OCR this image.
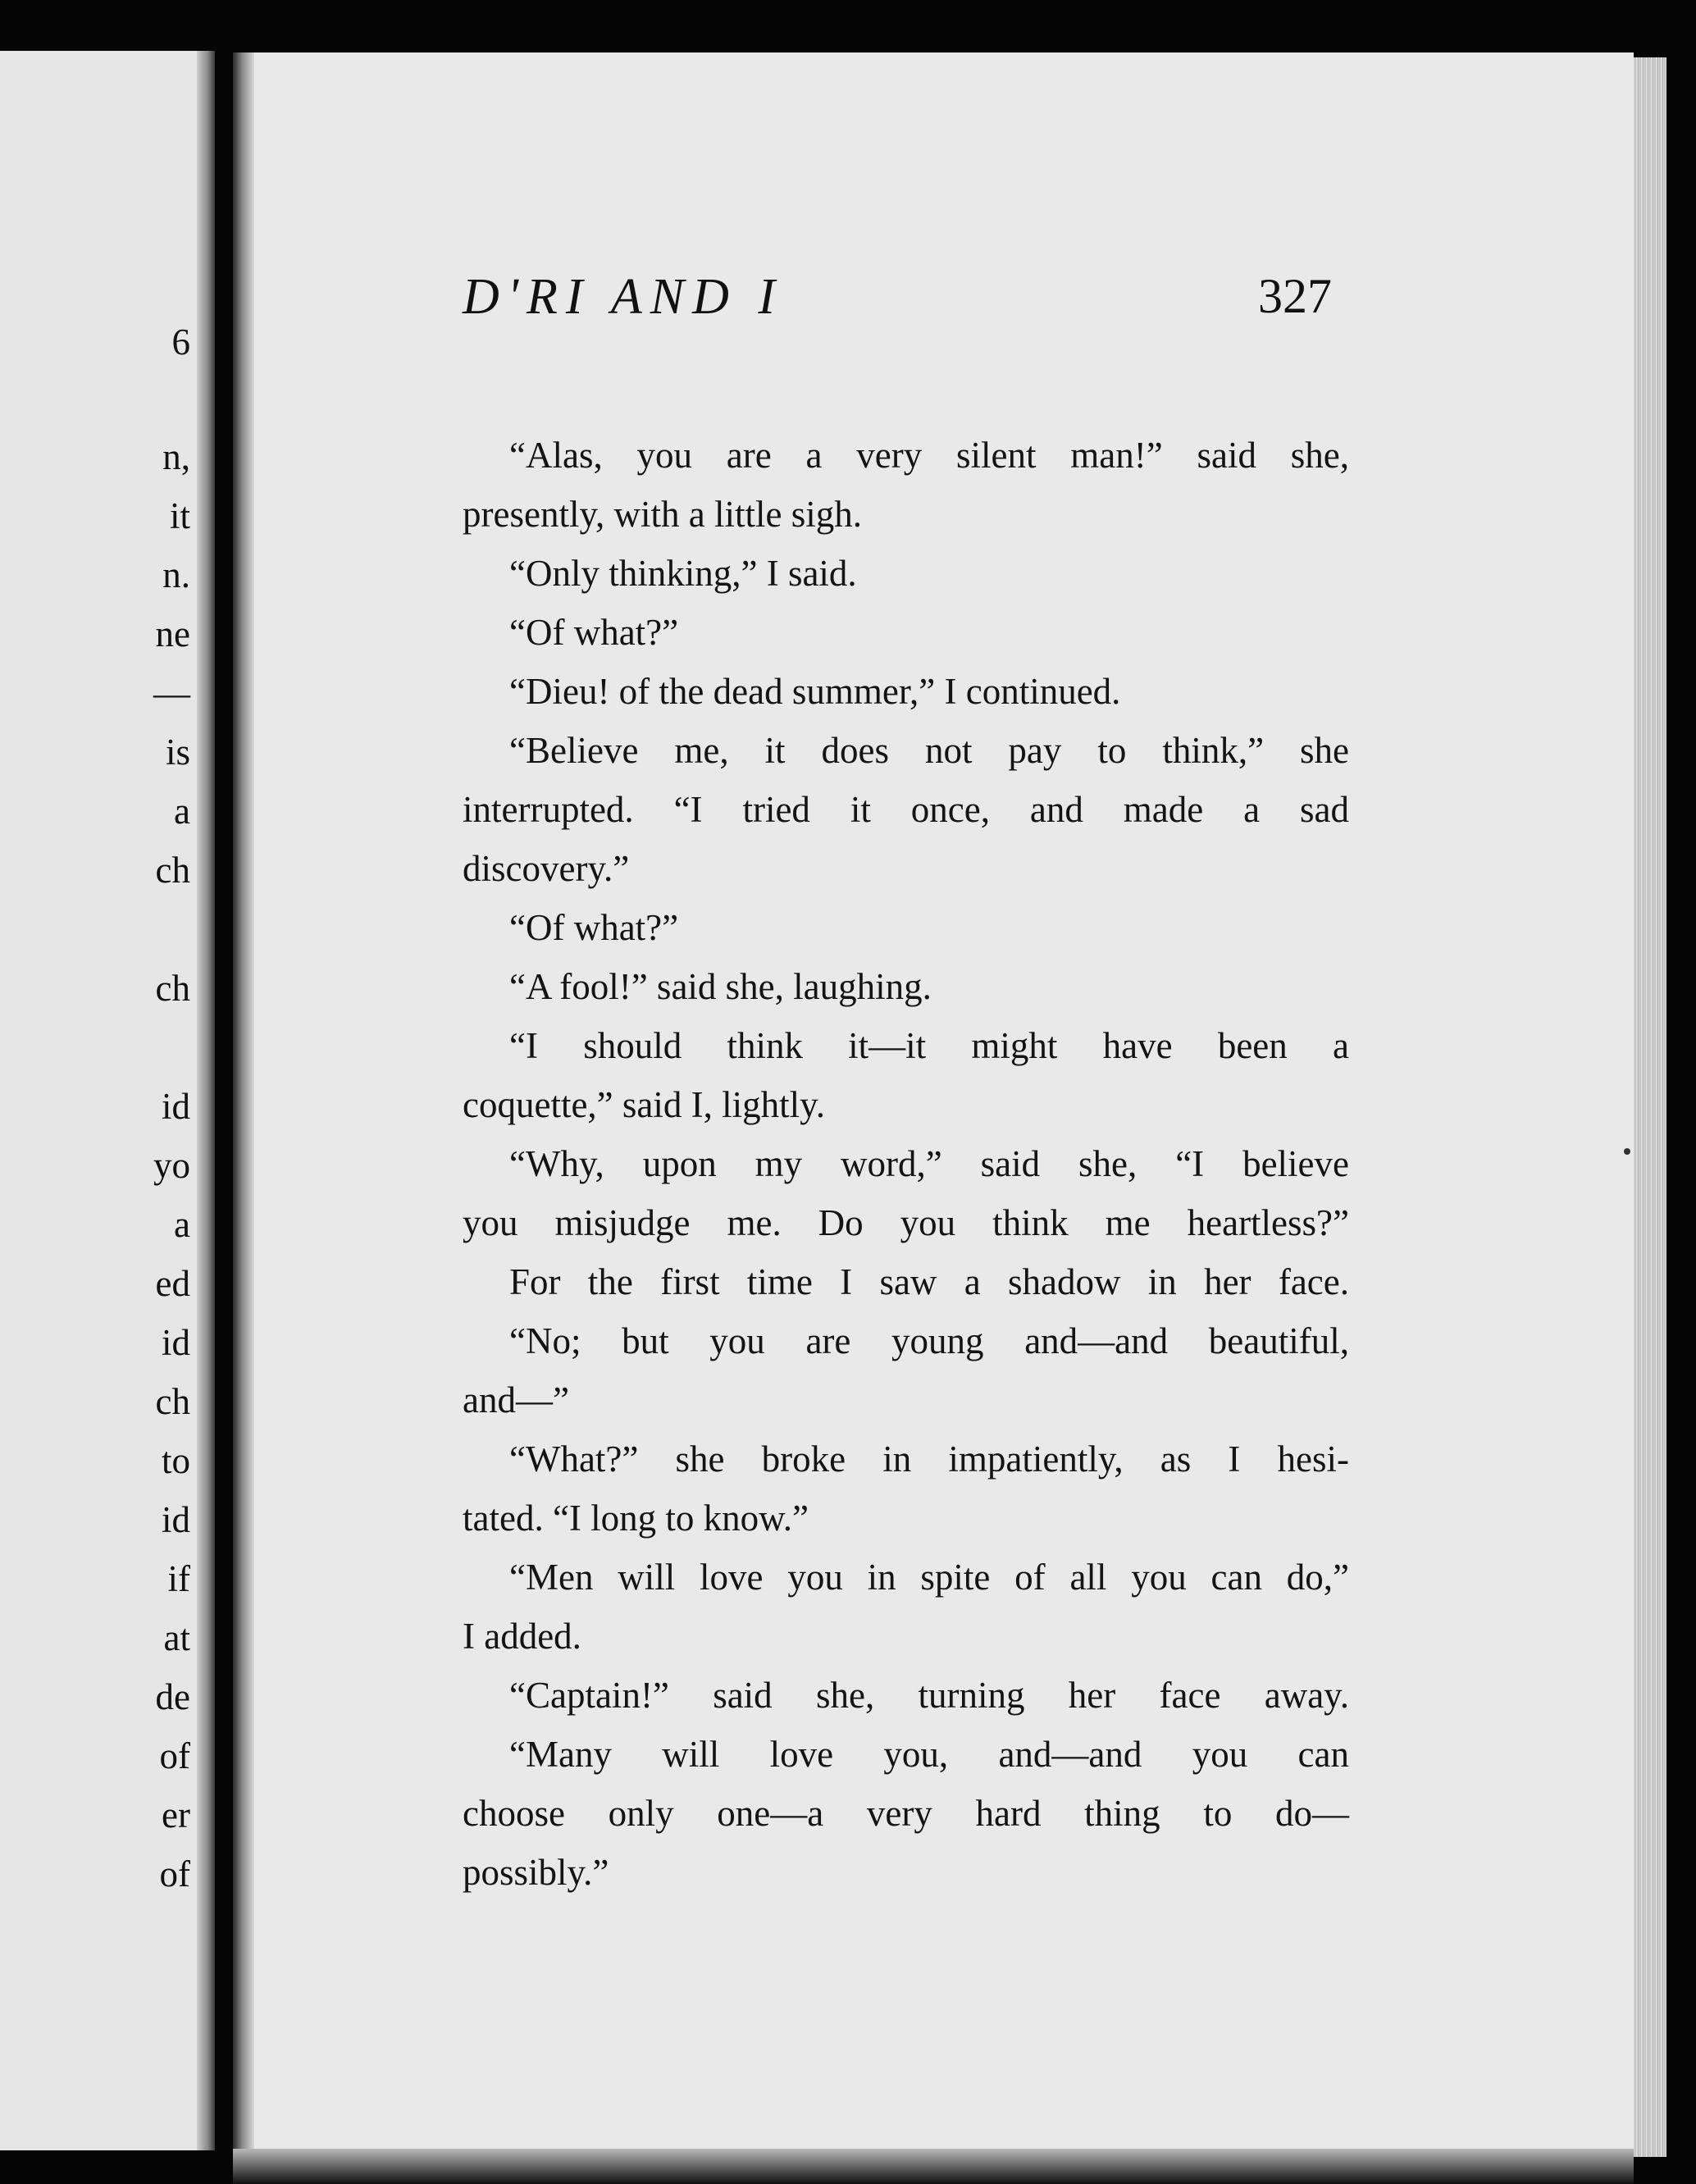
6
n,
it
n.
ne
—
is
a
ch
ch
id
yo
a
ed
id
ch
to
id
if
at
de
of
er
of
D'RI AND I	327
“Alas, you are a very silent man!” said she,
presently, with a little sigh.
“Only thinking,” I said.
“Of what?”
“Dieu! of the dead summer,” I continued.
“Believe me, it does not pay to think,” she
interrupted. “I tried it once, and made a sad
discovery.”
“Of what?”
“A fool!” said she, laughing.
“I should think it—it might have been a
coquette,” said I, lightly.
“Why, upon my word,” said she, “I believe
you misjudge me. Do you think me heartless?”
For the first time I saw a shadow in her face.
“No; but you are young and—and beautiful,
and—”
“What?” she broke in impatiently, as I hesi-
tated. “I long to know.”
“Men will love you in spite of all you can do,”
I added.
“Captain!” said she, turning her face away.
“Many will love you, and—and you can
choose only one—a very hard thing to do—
possibly.”
